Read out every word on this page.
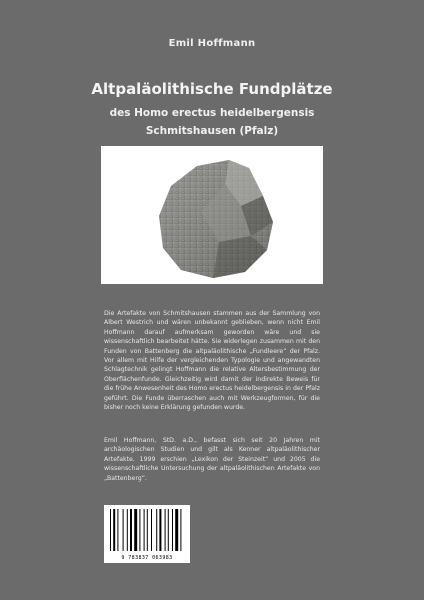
Emil Hoffmann
Altpaläolithische Fundplätze
des Homo erectus heidelbergensis
Schmitshausen (Pfalz)

Die Artefakte von Schmitshausen stammen aus der Sammlung von Albert Westrich und wären unbekannt geblieben, wenn nicht Emil Hoffmann darauf aufmerksam geworden wäre und sie wissenschaftlich bearbeitet hätte. Sie widerlegen zusammen mit den Funden von Battenberg die altpaläolithische „Fundleere“ der Pfalz. Vor allem mit Hilfe der vergleichenden Typologie und angewandten Schlagtechnik gelingt Hoffmann die relative Altersbestimmung der Oberflächenfunde. Gleichzeitig wird damit der indirekte Beweis für die frühe Anwesenheit des Homo erectus heidelbergensis in der Pfalz geführt. Die Funde überraschen auch mit Werkzeugformen, für die bisher noch keine Erklärung gefunden wurde.

Emil Hoffmann, StD. a.D., befasst sich seit 20 Jahren mit archäologischen Studien und gilt als Kenner altpaläolithischer Artefakte. 1999 erschien „Lexikon der Steinzeit“ und 2005 die wissenschaftliche Untersuchung der altpaläolithischen Artefakte von „Battenberg“.

9 783837 063983
